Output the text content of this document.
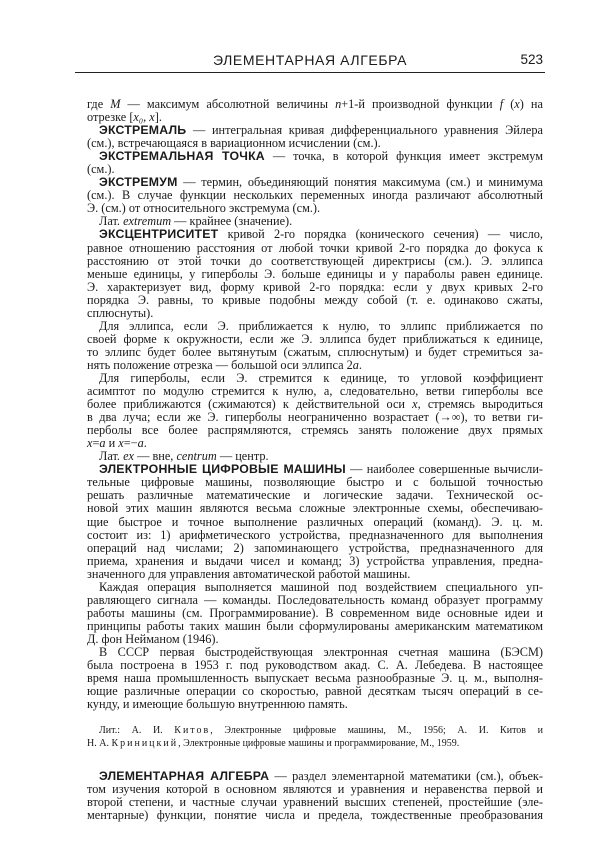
ЭЛЕМЕНТАРНАЯ АЛГЕБРА	523
где M — максимум абсолютной величины n+1-й производной функции f (x) на
отрезке [x₀, x].
ЭКСТРЕМАЛЬ — интегральная кривая дифференциального уравнения Эйлера
(см.), встречающаяся в вариационном исчислении (см.).
ЭКСТРЕМАЛЬНАЯ ТОЧКА — точка, в которой функция имеет экстремум
(см.).
ЭКСТРЕМУМ — термин, объединяющий понятия максимума (см.) и минимума
(см.). В случае функции нескольких переменных иногда различают абсолютный
Э. (см.) от относительного экстремума (см.).
Лат. extremum — крайнее (значение).
ЭКСЦЕНТРИСИТЕТ кривой 2-го порядка (конического сечения) — число,
равное отношению расстояния от любой точки кривой 2-го порядка до фокуса к
расстоянию от этой точки до соответствующей директрисы (см.). Э. эллипса
меньше единицы, у гиперболы Э. больше единицы и у параболы равен единице.
Э. характеризует вид, форму кривой 2-го порядка: если у двух кривых 2-го
порядка Э. равны, то кривые подобны между собой (т. е. одинаково сжаты,
сплюснуты).
Для эллипса, если Э. приближается к нулю, то эллипс приближается по
своей форме к окружности, если же Э. эллипса будет приближаться к единице,
то эллипс будет более вытянутым (сжатым, сплюснутым) и будет стремиться за-
нять положение отрезка — большой оси эллипса 2a.
Для гиперболы, если Э. стремится к единице, то угловой коэффициент
асимптот по модулю стремится к нулю, а, следовательно, ветви гиперболы все
более приближаются (сжимаются) к действительной оси x, стремясь выродиться
в два луча; если же Э. гиперболы неограниченно возрастает (→∞), то ветви ги-
перболы все более распрямляются, стремясь занять положение двух прямых
x=a и x=−a.
Лат. ex — вне, centrum — центр.
ЭЛЕКТРОННЫЕ ЦИФРОВЫЕ МАШИНЫ — наиболее совершенные вычисли-
тельные цифровые машины, позволяющие быстро и с большой точностью
решать различные математические и логические задачи. Технической ос-
новой этих машин являются весьма сложные электронные схемы, обеспечиваю-
щие быстрое и точное выполнение различных операций (команд). Э. ц. м.
состоит из: 1) арифметического устройства, предназначенного для выполнения
операций над числами; 2) запоминающего устройства, предназначенного для
приема, хранения и выдачи чисел и команд; 3) устройства управления, предна-
значенного для управления автоматической работой машины.
Каждая операция выполняется машиной под воздействием специального уп-
равляющего сигнала — команды. Последовательность команд образует программу
работы машины (см. Программирование). В современном виде основные идеи и
принципы работы таких машин были сформулированы американским математиком
Д. фон Нейманом (1946).
В СССР первая быстродействующая электронная счетная машина (БЭСМ)
была построена в 1953 г. под руководством акад. С. А. Лебедева. В настоящее
время наша промышленность выпускает весьма разнообразные Э. ц. м., выполня-
ющие различные операции со скоростью, равной десяткам тысяч операций в се-
кунду, и имеющие большую внутреннюю память.
Лит.: А. И. Китов, Электронные цифровые машины, М., 1956; А. И. Китов и
Н. А. Криницкий, Электронные цифровые машины и программирование, М., 1959.
ЭЛЕМЕНТАРНАЯ АЛГЕБРА — раздел элементарной математики (см.), объек-
том изучения которой в основном являются и уравнения и неравенства первой и
второй степени, и частные случаи уравнений высших степеней, простейшие (эле-
ментарные) функции, понятие числа и предела, тождественные преобразования
